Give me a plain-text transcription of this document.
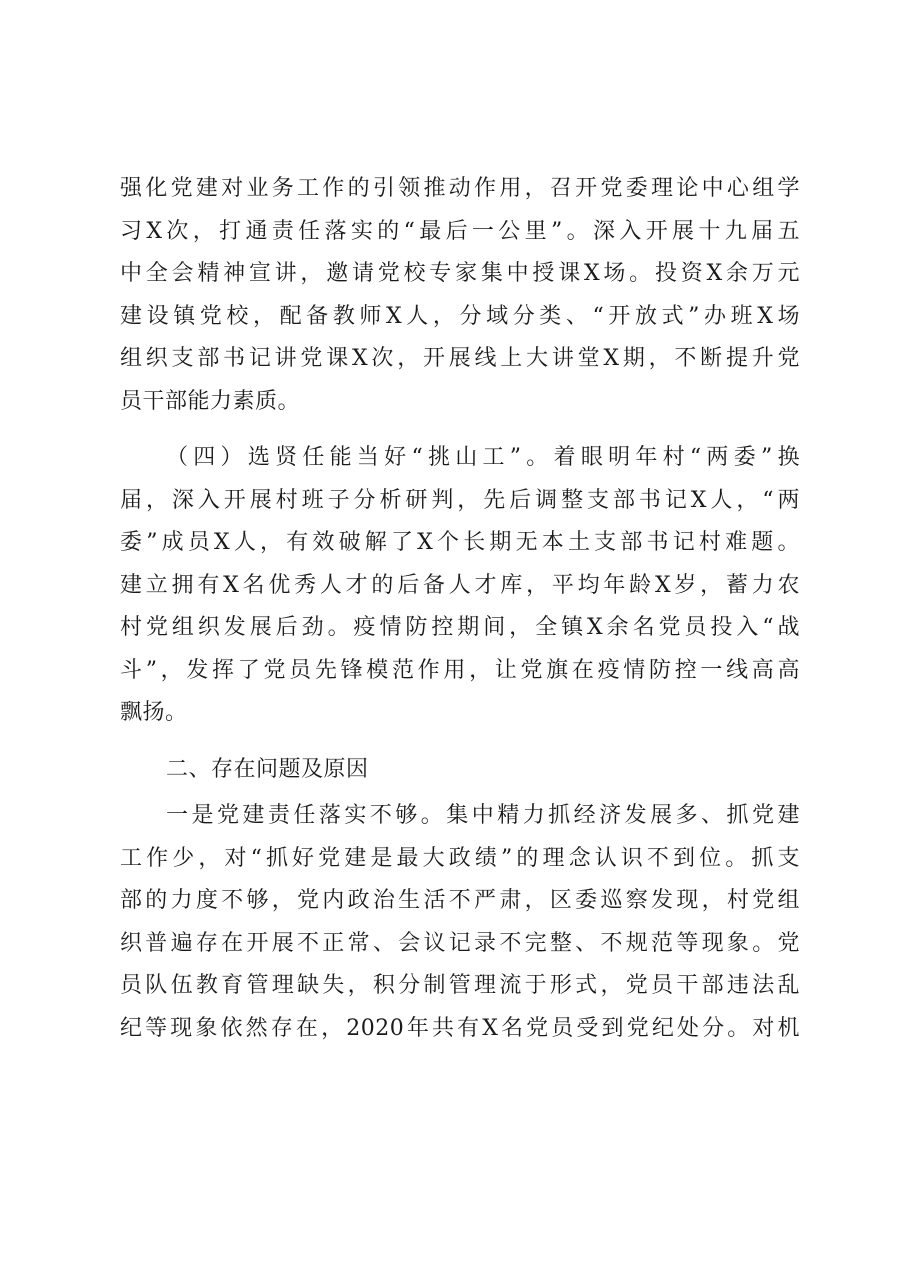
强化党建对业务工作的引领推动作用，召开党委理论中心组学
习X次，打通责任落实的“最后一公里”。深入开展十九届五
中全会精神宣讲，邀请党校专家集中授课X场。投资X余万元
建设镇党校，配备教师X人，分域分类、“开放式”办班X场
组织支部书记讲党课X次，开展线上大讲堂X期，不断提升党
员干部能力素质。

（四）选贤任能当好“挑山工”。着眼明年村“两委”换
届，深入开展村班子分析研判，先后调整支部书记X人，“两
委”成员X人，有效破解了X个长期无本土支部书记村难题。
建立拥有X名优秀人才的后备人才库，平均年龄X岁，蓄力农
村党组织发展后劲。疫情防控期间，全镇X余名党员投入“战
斗”，发挥了党员先锋模范作用，让党旗在疫情防控一线高高
飘扬。

二、存在问题及原因

一是党建责任落实不够。集中精力抓经济发展多、抓党建
工作少，对“抓好党建是最大政绩”的理念认识不到位。抓支
部的力度不够，党内政治生活不严肃，区委巡察发现，村党组
织普遍存在开展不正常、会议记录不完整、不规范等现象。党
员队伍教育管理缺失，积分制管理流于形式，党员干部违法乱
纪等现象依然存在，2020年共有X名党员受到党纪处分。对机
